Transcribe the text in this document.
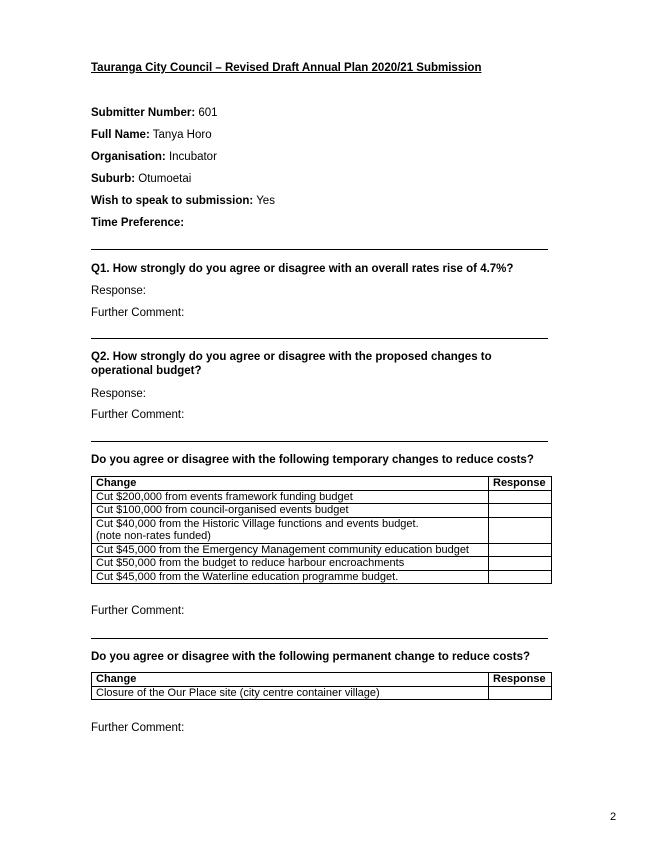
Tauranga City Council – Revised Draft Annual Plan 2020/21 Submission
Submitter Number: 601
Full Name: Tanya Horo
Organisation: Incubator
Suburb: Otumoetai
Wish to speak to submission: Yes
Time Preference:
Q1. How strongly do you agree or disagree with an overall rates rise of 4.7%?
Response:
Further Comment:
Q2. How strongly do you agree or disagree with the proposed changes to operational budget?
Response:
Further Comment:
Do you agree or disagree with the following temporary changes to reduce costs?
Change	Response
Cut $200,000 from events framework funding budget	
Cut $100,000 from council-organised events budget	

Cut $40,000 from the Historic Village functions and events budget.
(note non-rates funded)	

Cut $45,000 from the Emergency Management community education budget	
Cut $50,000 from the budget to reduce harbour encroachments	
Cut $45,000 from the Waterline education programme budget.	
Further Comment:
Do you agree or disagree with the following permanent change to reduce costs?
Change	Response
Closure of the Our Place site (city centre container village)	
Further Comment:
2
